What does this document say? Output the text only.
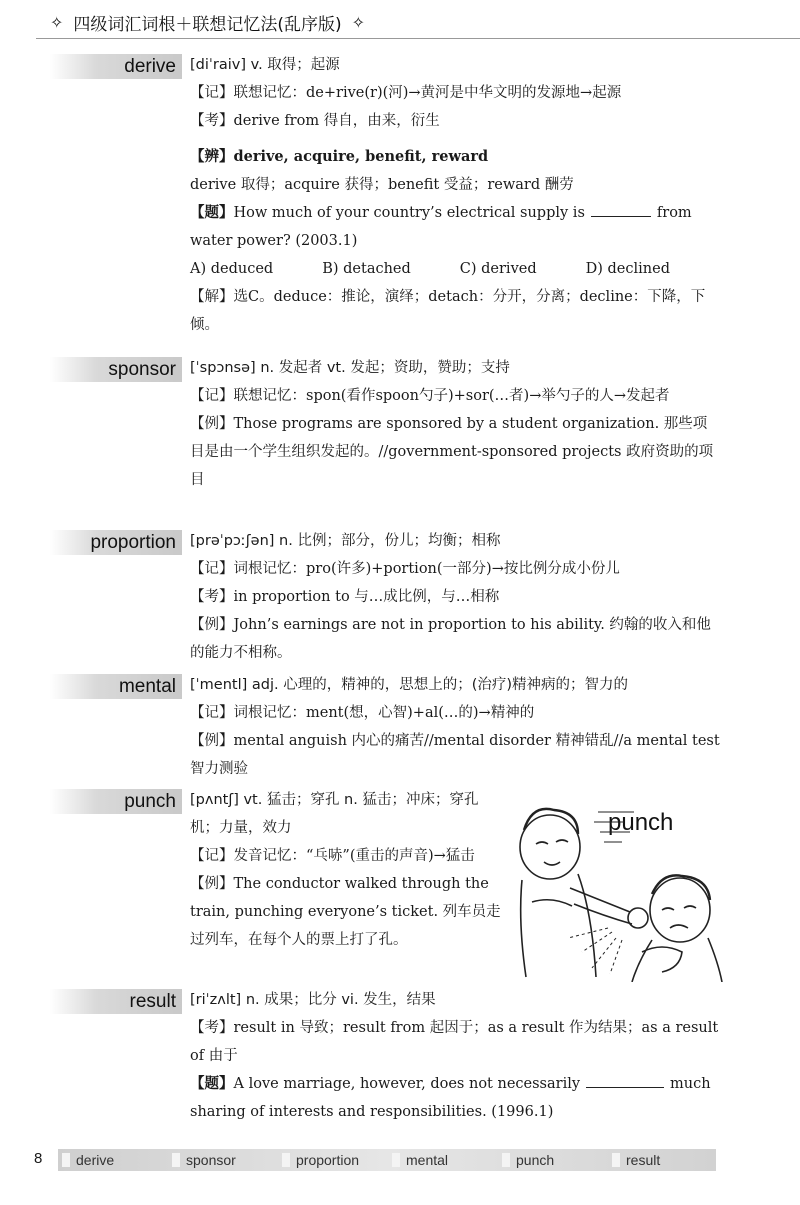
✧ 四级词汇词根＋联想记忆法(乱序版) ✧
derive [diˈraiv] v. 取得；起源

【记】联想记忆：de+rive(r)(河)→黄河是中华文明的发源地→起源

【考】derive from 得自，由来，衍生

【辨】derive, acquire, benefit, reward

derive 取得；acquire 获得；benefit 受益；reward 酬劳

【题】How much of your country’s electrical supply is	from water power? (2003.1)

A) deduced	B) detached	C) derived	D) declined

【解】选C。deduce：推论，演绎；detach：分开，分离；decline：下降，下倾。

sponsor [ˈspɔnsə] n. 发起者 vt. 发起；资助，赞助；支持

【记】联想记忆：spon(看作spoon勺子)+sor(…者)→举勺子的人→发起者

【例】Those programs are sponsored by a student organization. 那些项目是由一个学生组织发起的。//government-sponsored projects 政府资助的项目

proportion [prəˈpɔːʃən] n. 比例；部分，份儿；均衡；相称

【记】词根记忆：pro(许多)+portion(一部分)→按比例分成小份儿

【考】in proportion to 与…成比例，与…相称

【例】John’s earnings are not in proportion to his ability. 约翰的收入和他的能力不相称。

mental [ˈmentl] adj. 心理的，精神的，思想上的；(治疗)精神病的；智力的

【记】词根记忆：ment(想，心智)+al(…的)→精神的

【例】mental anguish 内心的痛苦//mental disorder 精神错乱//a mental test 智力测验

punch [pʌntʃ] vt. 猛击；穿孔 n. 猛击；冲床；穿孔机；力量，效力

【记】发音记忆：“乓哧”(重击的声音)→猛击

【例】The conductor walked through the train, punching everyone’s ticket. 列车员走过列车，在每个人的票上打了孔。

punch
result [riˈzʌlt] n. 成果；比分 vi. 发生，结果

【考】result in 导致；result from 起因于；as a result 作为结果；as a result of 由于

【题】A love marriage, however, does not necessarily	much sharing of interests and responsibilities. (1996.1)

8	derive	sponsor	proportion	mental	punch	result
